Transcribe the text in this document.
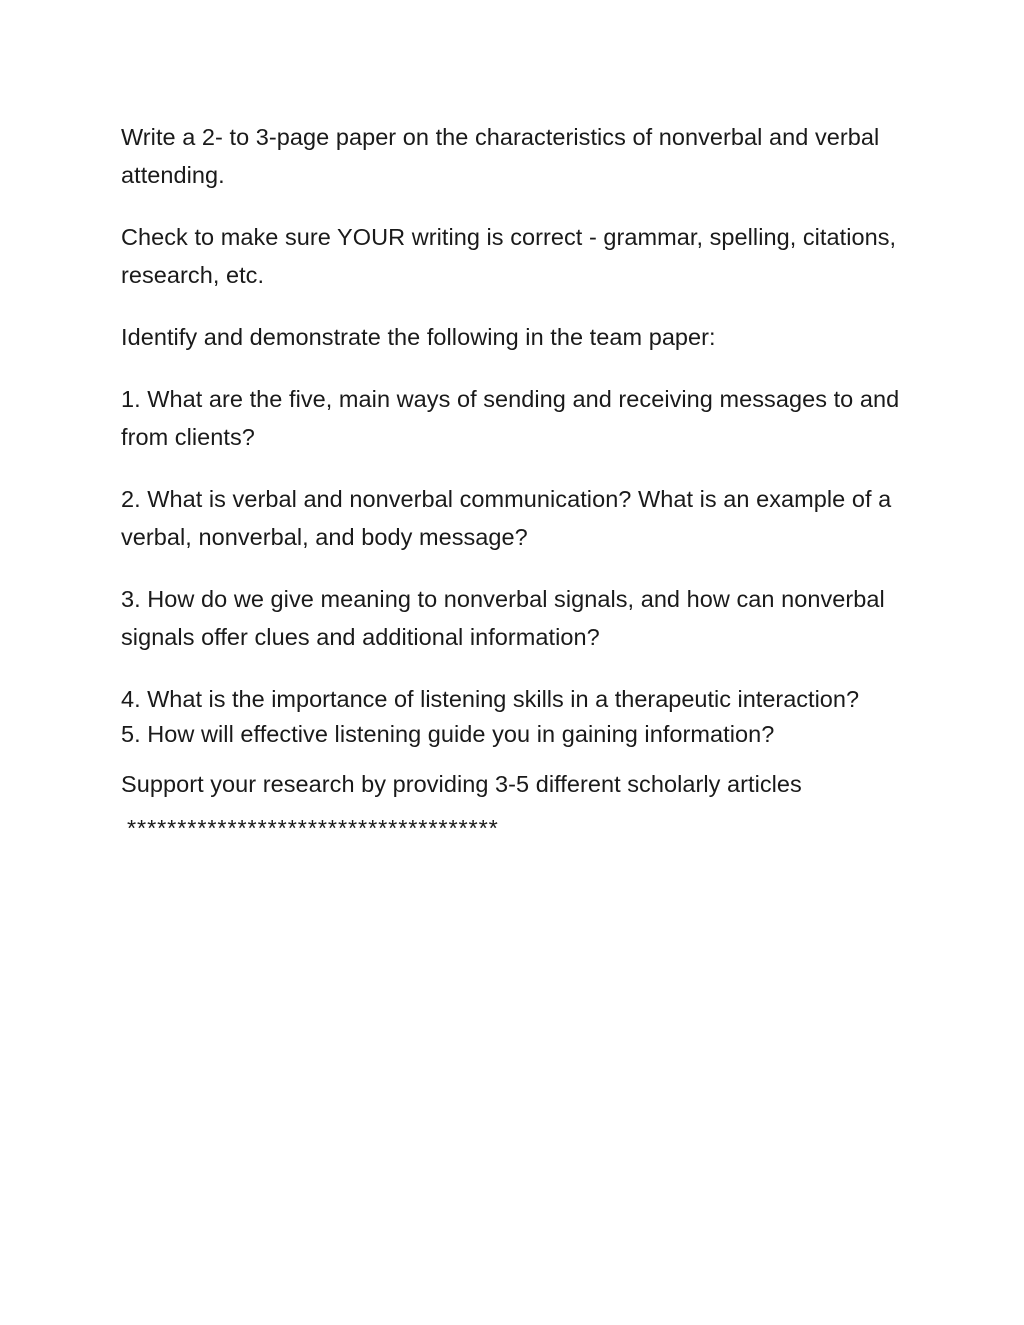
Write a 2- to 3-page paper on the characteristics of nonverbal and verbal attending.

Check to make sure YOUR writing is correct - grammar, spelling, citations, research, etc.

Identify and demonstrate the following in the team paper:

1. What are the five, main ways of sending and receiving messages to and from clients?

2. What is verbal and nonverbal communication? What is an example of a verbal, nonverbal, and body message?

3. How do we give meaning to nonverbal signals, and how can nonverbal signals offer clues and additional information?

4. What is the importance of listening skills in a therapeutic interaction?

5. How will effective listening guide you in gaining information?

Support your research by providing 3-5 different scholarly articles

*************************************
